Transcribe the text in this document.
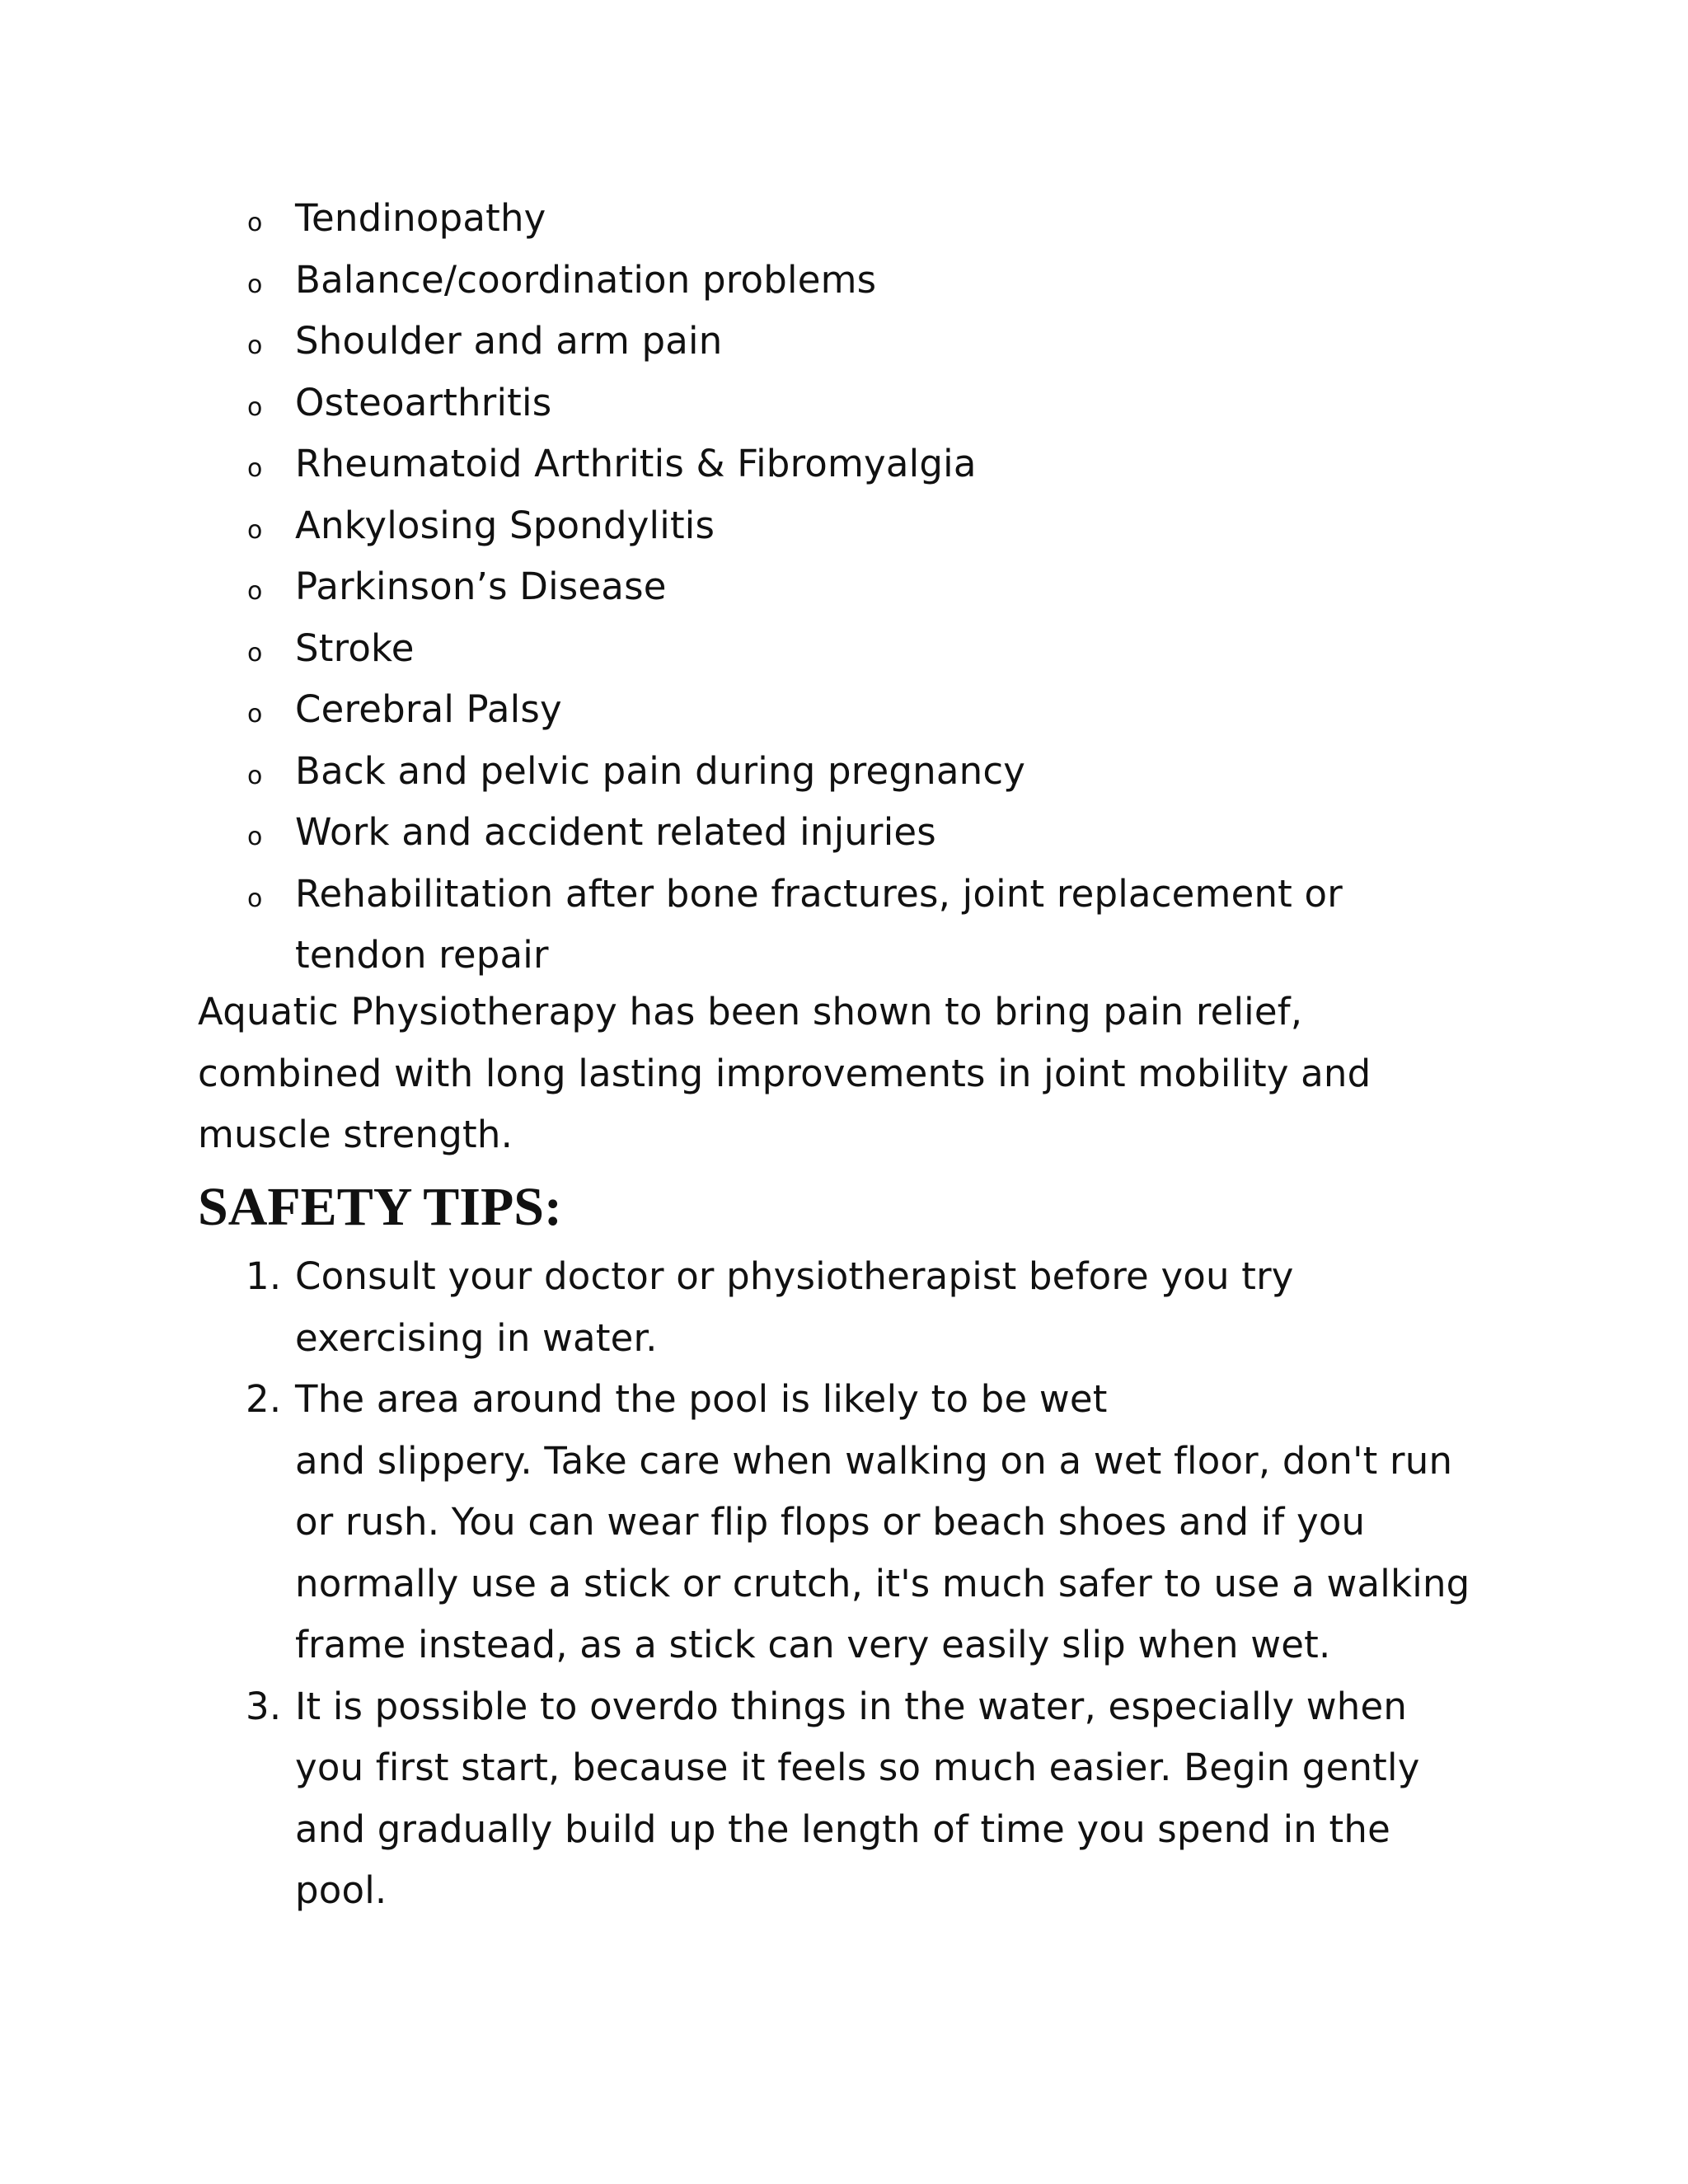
o Tendinopathy
o Balance/coordination problems
o Shoulder and arm pain
o Osteoarthritis
o Rheumatoid Arthritis & Fibromyalgia
o Ankylosing Spondylitis
o Parkinson’s Disease
o Stroke
o Cerebral Palsy
o Back and pelvic pain during pregnancy
o Work and accident related injuries
o Rehabilitation after bone fractures, joint replacement or tendon repair

Aquatic Physiotherapy has been shown to bring pain relief, combined with long lasting improvements in joint mobility and muscle strength.

SAFETY TIPS:
1. Consult your doctor or physiotherapist before you try exercising in water.
2. The area around the pool is likely to be wet
and slippery. Take care when walking on a wet floor, don't run or rush. You can wear flip flops or beach shoes and if you normally use a stick or crutch, it's much safer to use a walking frame instead, as a stick can very easily slip when wet.
3. It is possible to overdo things in the water, especially when you first start, because it feels so much easier. Begin gently and gradually build up the length of time you spend in the pool.
